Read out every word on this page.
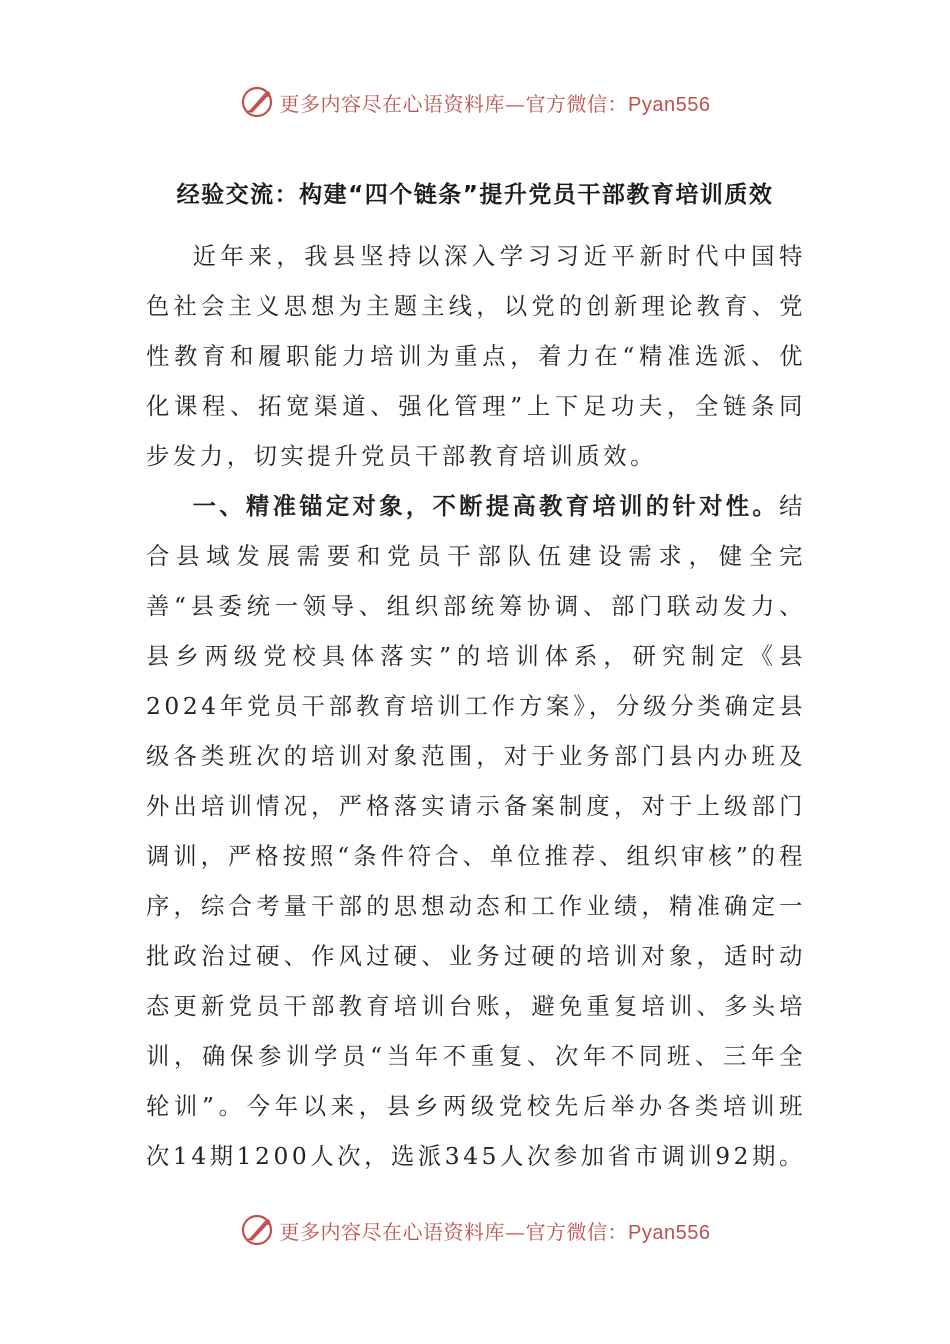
更多内容尽在心语资料库—官方微信：Pyan556
经验交流：构建“四个链条”提升党员干部教育培训质效

近年来，我县坚持以深入学习习近平新时代中国特色社会主义思想为主题主线，以党的创新理论教育、党性教育和履职能力培训为重点，着力在“精准选派、优化课程、拓宽渠道、强化管理”上下足功夫，全链条同步发力，切实提升党员干部教育培训质效。

一、精准锚定对象，不断提高教育培训的针对性。结合县域发展需要和党员干部队伍建设需求，健全完善“县委统一领导、组织部统筹协调、部门联动发力、县乡两级党校具体落实”的培训体系，研究制定《县2024年党员干部教育培训工作方案》，分级分类确定县级各类班次的培训对象范围，对于业务部门县内办班及外出培训情况，严格落实请示备案制度，对于上级部门调训，严格按照“条件符合、单位推荐、组织审核”的程序，综合考量干部的思想动态和工作业绩，精准确定一批政治过硬、作风过硬、业务过硬的培训对象，适时动态更新党员干部教育培训台账，避免重复培训、多头培训，确保参训学员“当年不重复、次年不同班、三年全轮训”。今年以来，县乡两级党校先后举办各类培训班次14期1200人次，选派345人次参加省市调训92期。

更多内容尽在心语资料库—官方微信：Pyan556
